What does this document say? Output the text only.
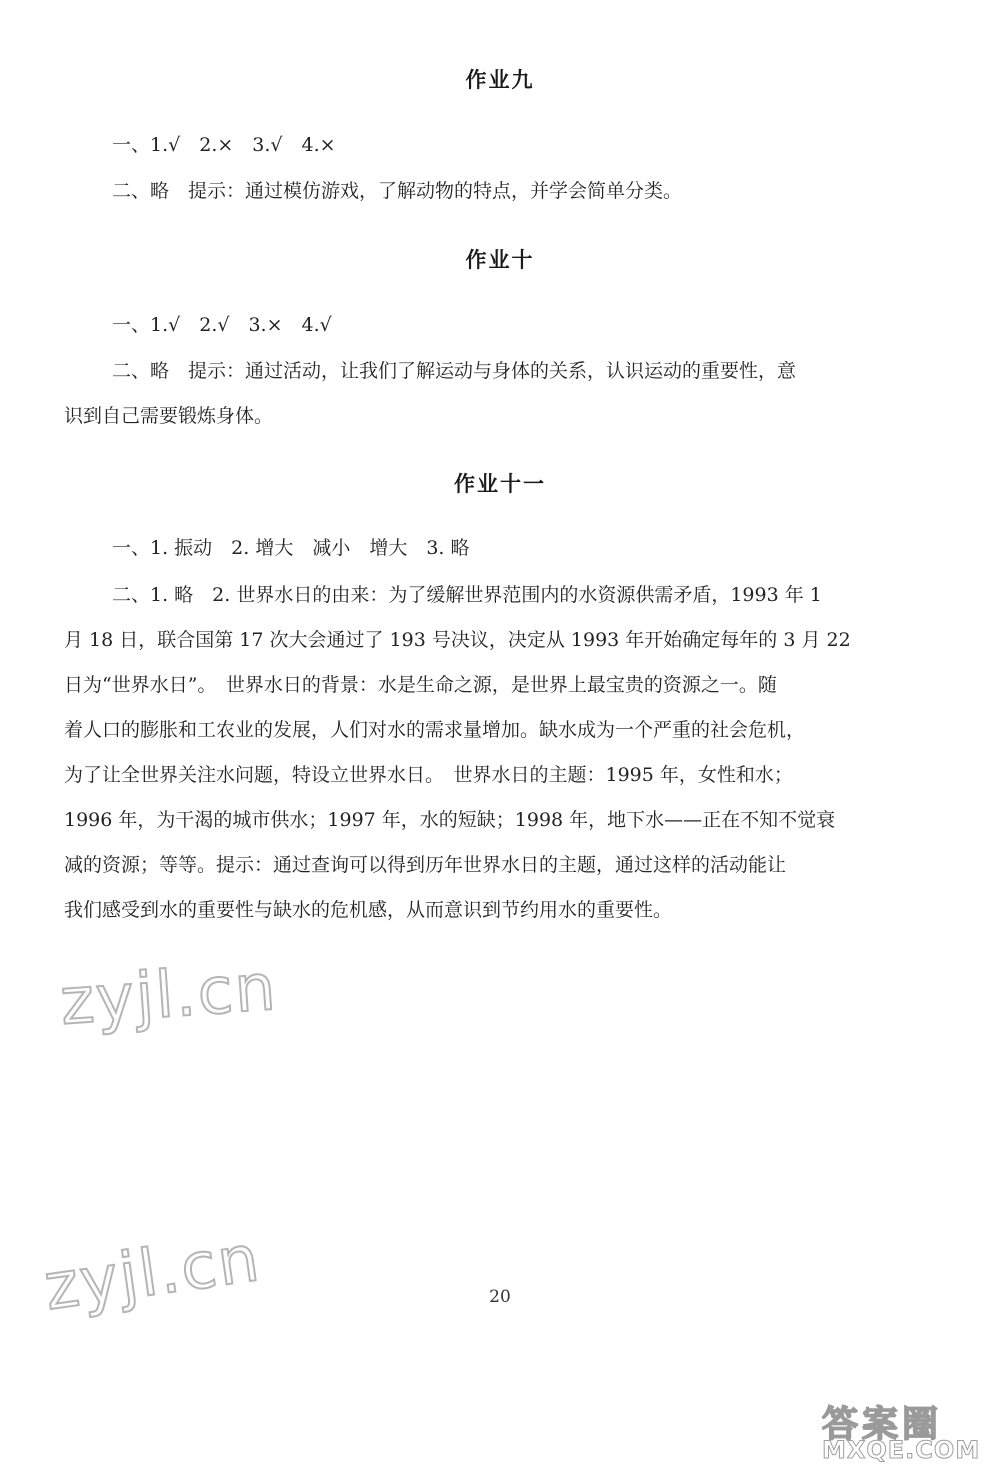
作业九
一、1.√　2.×　3.√　4.×
二、略　提示：通过模仿游戏，了解动物的特点，并学会简单分类。
作业十
一、1.√　2.√　3.×　4.√
二、略　提示：通过活动，让我们了解运动与身体的关系，认识运动的重要性，意
识到自己需要锻炼身体。
作业十一
一、1. 振动　2. 增大　减小　增大　3. 略
二、1. 略　2. 世界水日的由来：为了缓解世界范围内的水资源供需矛盾，1993 年 1
月 18 日，联合国第 17 次大会通过了 193 号决议，决定从 1993 年开始确定每年的 3 月 22
日为“世界水日”。　世界水日的背景：水是生命之源，是世界上最宝贵的资源之一。随
着人口的膨胀和工农业的发展，人们对水的需求量增加。缺水成为一个严重的社会危机，
为了让全世界关注水问题，特设立世界水日。　世界水日的主题：1995 年，女性和水；
1996 年，为干渴的城市供水；1997 年，水的短缺；1998 年，地下水——正在不知不觉衰
减的资源；等等。提示：通过查询可以得到历年世界水日的主题，通过这样的活动能让
我们感受到水的重要性与缺水的危机感，从而意识到节约用水的重要性。
zyjl.cn
zyjl.cn	20
答案圈
MXQE.COM
